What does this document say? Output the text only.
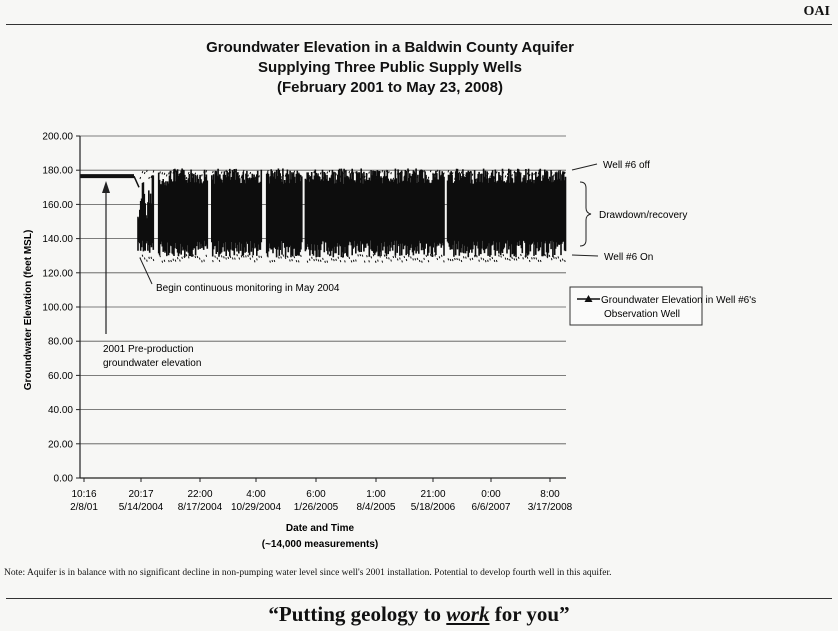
OAI
Groundwater Elevation in a Baldwin County Aquifer
Supplying Three Public Supply Wells
(February 2001 to May 23, 2008)
0.00
20.00
40.00
60.00
80.00
100.00
120.00
140.00
160.00
180.00
200.00
10:16
2/8/01
20:17
5/14/2004
22:00
8/17/2004
4:00
10/29/2004
6:00
1/26/2005
1:00
8/4/2005
21:00
5/18/2006
0:00
6/6/2007
8:00
3/17/2008
Groundwater Elevation (feet MSL)
Date and Time
(~14,000 measurements)
Well #6 off
Drawdown/recovery
Well #6 On
Begin continuous monitoring in May 2004
2001 Pre-production
groundwater elevation
Groundwater Elevation in Well #6's
Observation Well
Note: Aquifer is in balance with no significant decline in non-pumping water level since well's 2001 installation. Potential to develop fourth well in this aquifer.
“Putting geology to work for you”
